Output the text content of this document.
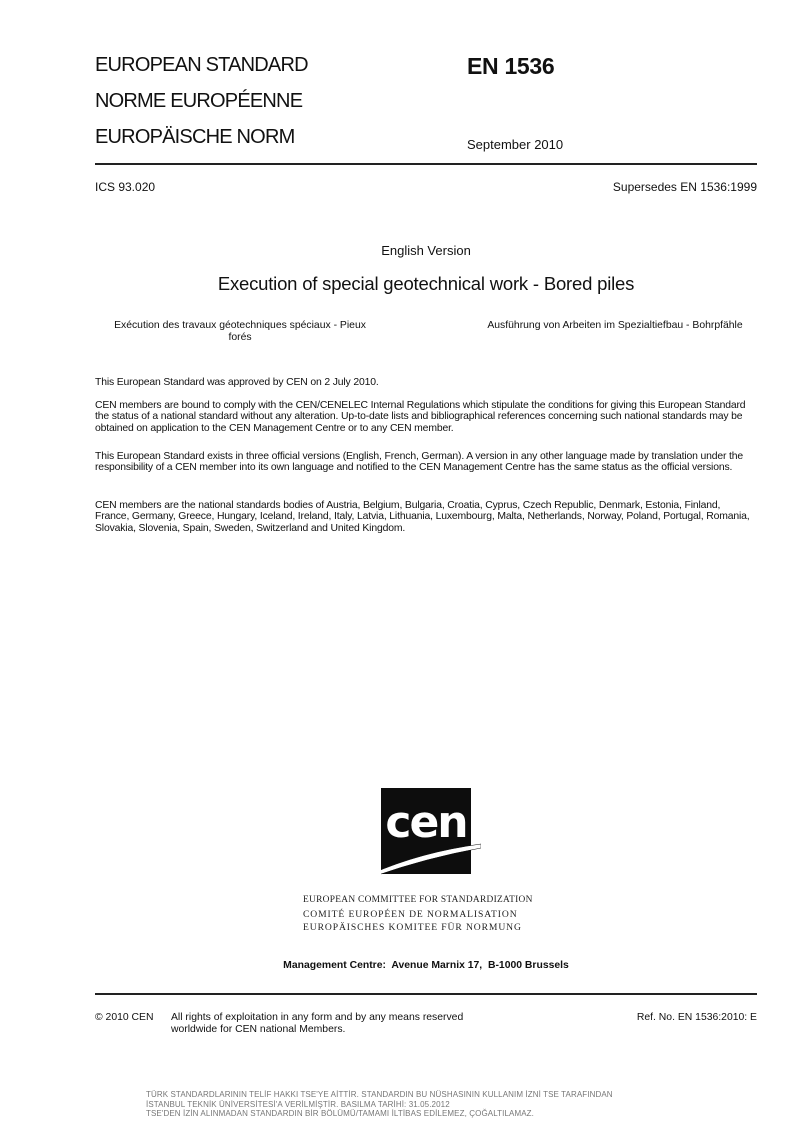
EUROPEAN STANDARD

NORME EUROPÉENNE

EUROPÄISCHE NORM

EN 1536

September 2010

ICS 93.020	Supersedes EN 1536:1999

English Version

Execution of special geotechnical work - Bored piles

Exécution des travaux géotechniques spéciaux - Pieux
forés
Ausführung von Arbeiten im Spezialtiefbau - Bohrpfähle

This European Standard was approved by CEN on 2 July 2010.

CEN members are bound to comply with the CEN/CENELEC Internal Regulations which stipulate the conditions for giving this European Standard the status of a national standard without any alteration. Up-to-date lists and bibliographical references concerning such national standards may be obtained on application to the CEN Management Centre or to any CEN member.

This European Standard exists in three official versions (English, French, German). A version in any other language made by translation under the responsibility of a CEN member into its own language and notified to the CEN Management Centre has the same status as the official versions.

CEN members are the national standards bodies of Austria, Belgium, Bulgaria, Croatia, Cyprus, Czech Republic, Denmark, Estonia, Finland, France, Germany, Greece, Hungary, Iceland, Ireland, Italy, Latvia, Lithuania, Luxembourg, Malta, Netherlands, Norway, Poland, Portugal, Romania, Slovakia, Slovenia, Spain, Sweden, Switzerland and United Kingdom.

cen

EUROPEAN COMMITTEE FOR STANDARDIZATION

COMITÉ EUROPÉEN DE NORMALISATION

EUROPÄISCHES KOMITEE FÜR NORMUNG

Management Centre:  Avenue Marnix 17,  B-1000 Brussels

© 2010 CEN All rights of exploitation in any form and by any means reserved
worldwide for CEN national Members.

Ref. No. EN 1536:2010: E

TÜRK STANDARDLARININ TELİF HAKKI TSE'YE AİTTİR. STANDARDIN BU NÜSHASININ KULLANIM İZNİ TSE TARAFINDAN
İSTANBUL TEKNİK ÜNİVERSİTESİ'A VERİLMİŞTİR. BASILMA TARİHİ: 31.05.2012
TSE'DEN İZİN ALINMADAN STANDARDIN BİR BÖLÜMÜ/TAMAMI İLTİBAS EDİLEMEZ, ÇOĞALTILAMAZ.
